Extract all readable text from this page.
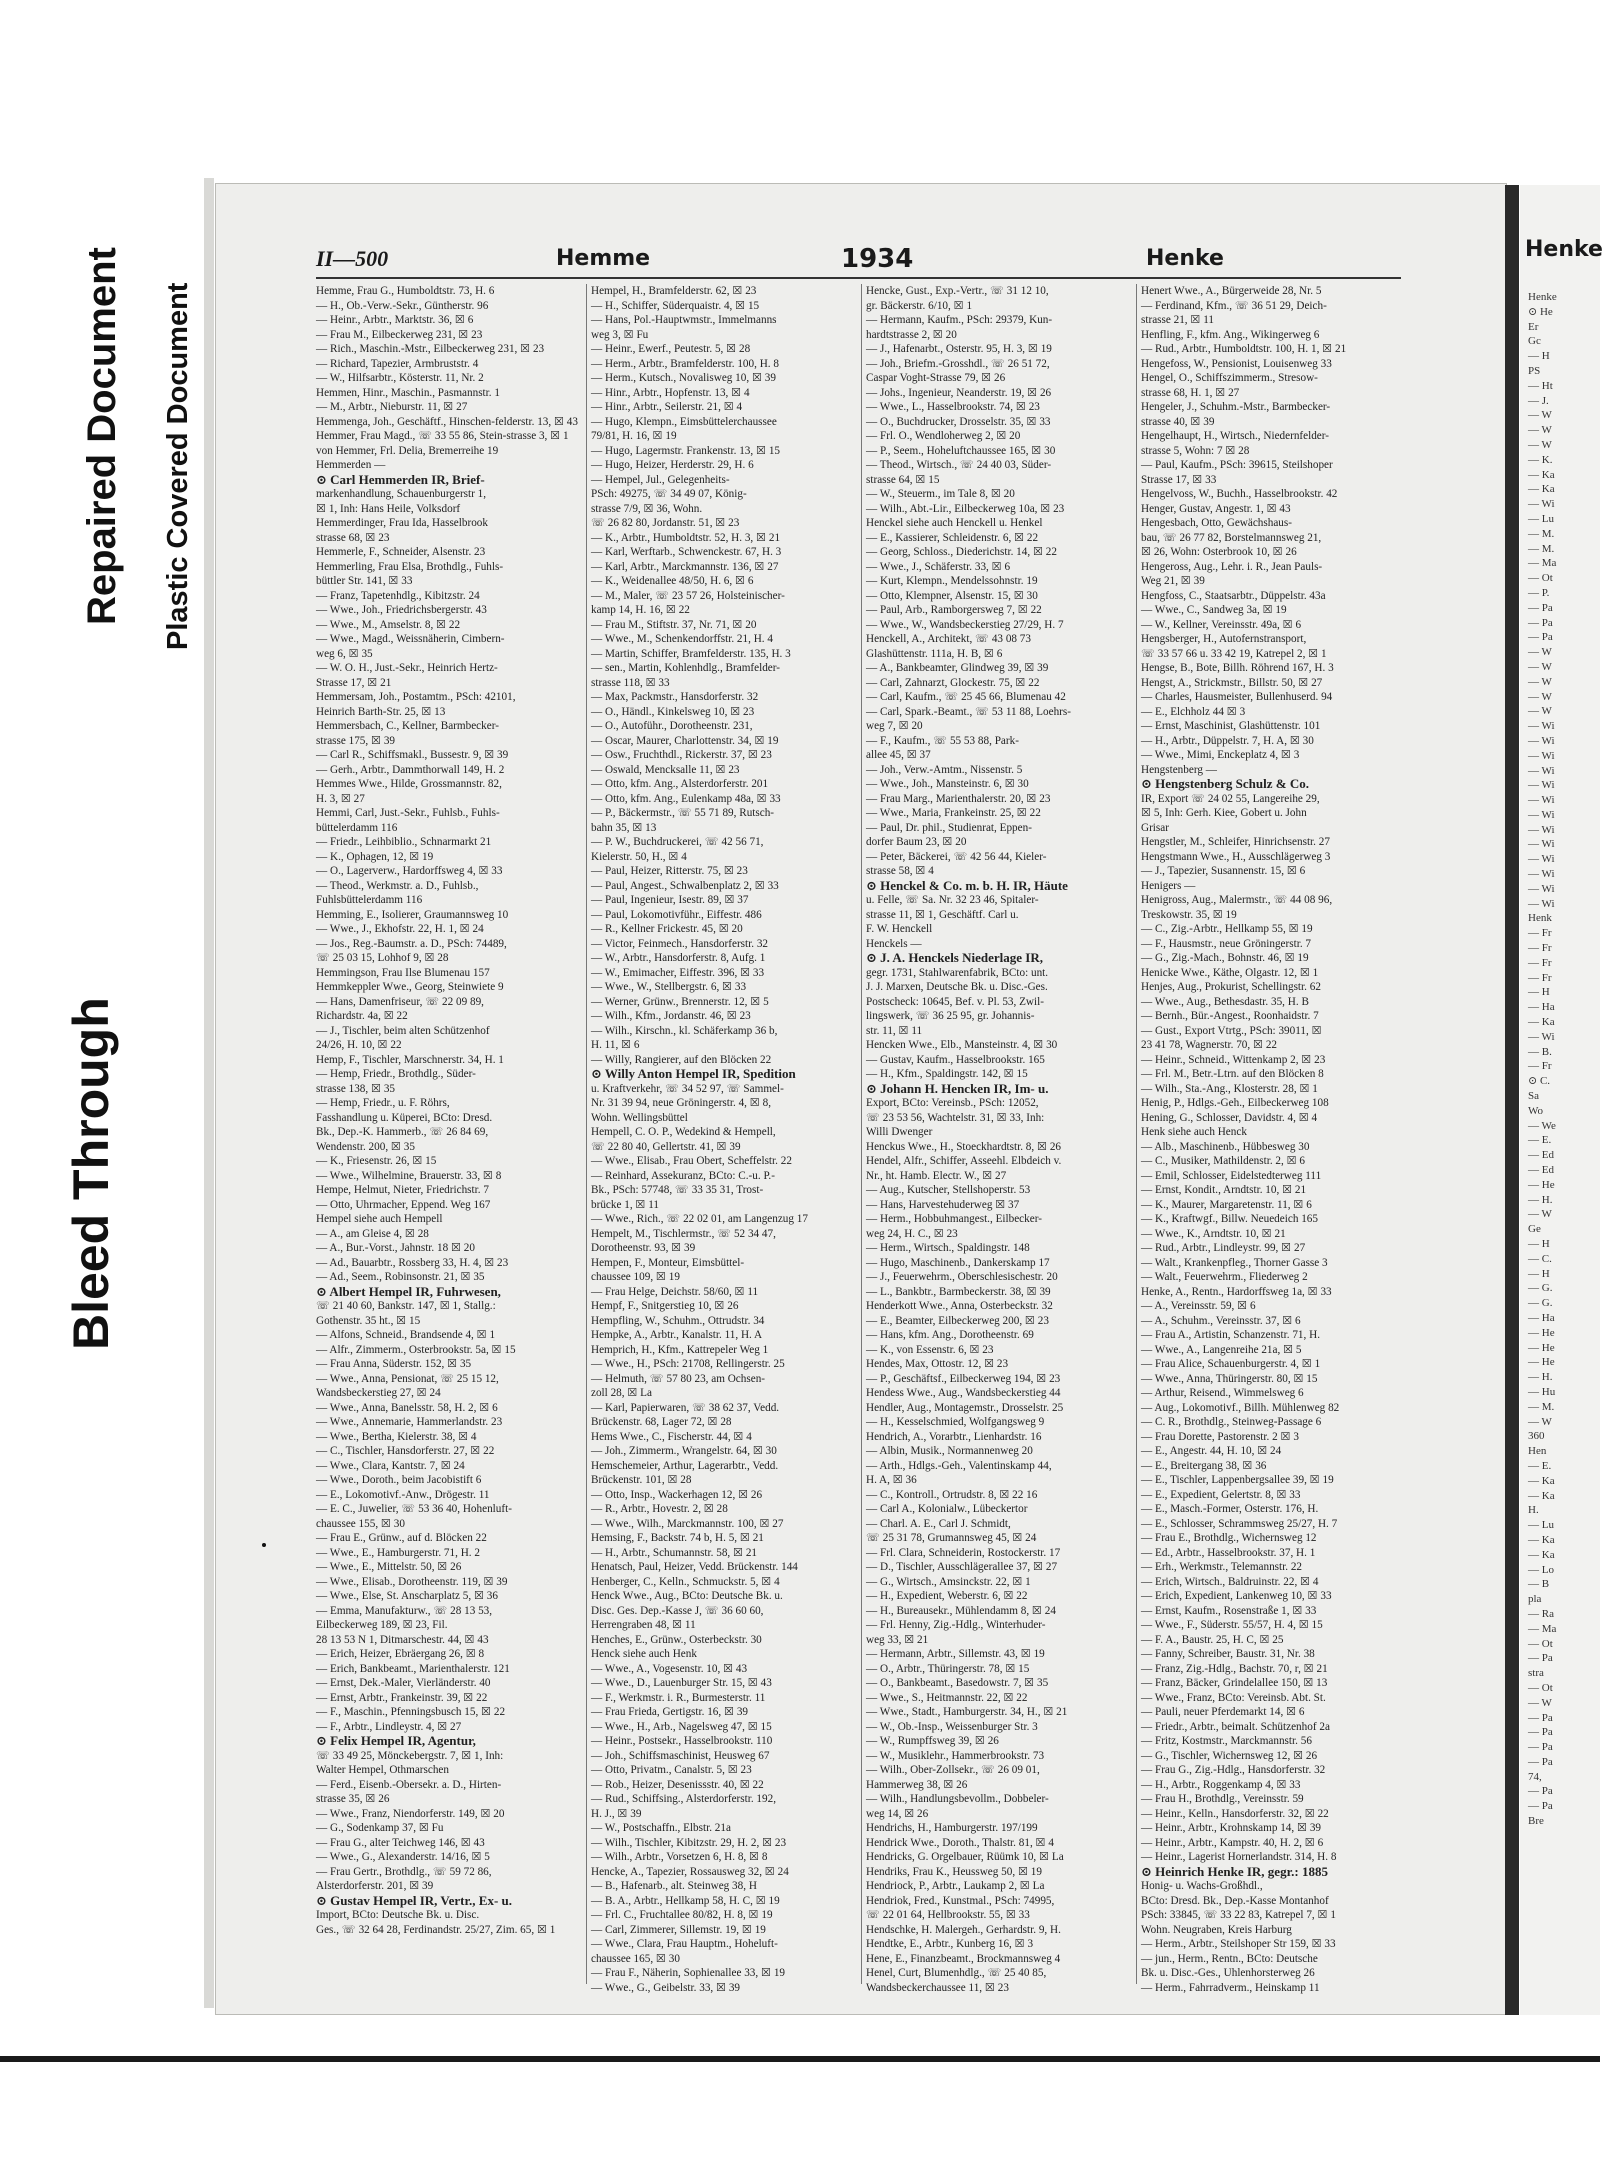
Bleed Through
Repaired Document Plastic Covered Document
II—500	Hemme	1934	Henke
Hemme, Frau G., Humboldtstr. 73, H. 6
— H., Ob.-Verw.-Sekr., Güntherstr. 96
— Heinr., Arbtr., Marktstr. 36, ☒ 6
— Frau M., Eilbeckerweg 231, ☒ 23
— Rich., Maschin.-Mstr., Eilbeckerweg 231, ☒ 23
— Richard, Tapezier, Armbruststr. 4
— W., Hilfsarbtr., Kösterstr. 11, Nr. 2
Hemmen, Hinr., Maschin., Pasmannstr. 1
— M., Arbtr., Nieburstr. 11, ☒ 27
Hemmenga, Joh., Geschäftf., Hinschen-felderstr. 13, ☒ 43
Hemmer, Frau Magd., ☏ 33 55 86, Stein-strasse 3, ☒ 1
von Hemmer, Frl. Delia, Bremerreihe 19
Hemmerden —
⊙ Carl Hemmerden IR, Brief-
markenhandlung, Schauenburgerstr 1,
☒ 1, Inh: Hans Heile, Volksdorf
Hemmerdinger, Frau Ida, Hasselbrook
strasse 68, ☒ 23
Hemmerle, F., Schneider, Alsenstr. 23
Hemmerling, Frau Elsa, Brothdlg., Fuhls-
büttler Str. 141, ☒ 33
— Franz, Tapetenhdlg., Kibitzstr. 24
— Wwe., Joh., Friedrichsbergerstr. 43
— Wwe., M., Amselstr. 8, ☒ 22
— Wwe., Magd., Weissnäherin, Cimbern-
weg 6, ☒ 35
— W. O. H., Just.-Sekr., Heinrich Hertz-
Strasse 17, ☒ 21
Hemmersam, Joh., Postamtm., PSch: 42101,
Heinrich Barth-Str. 25, ☒ 13
Hemmersbach, C., Kellner, Barmbecker-
strasse 175, ☒ 39
— Carl R., Schiffsmakl., Bussestr. 9, ☒ 39
— Gerh., Arbtr., Dammthorwall 149, H. 2
Hemmes Wwe., Hilde, Grossmannstr. 82,
H. 3, ☒ 27
Hemmi, Carl, Just.-Sekr., Fuhlsb., Fuhls-
büttelerdamm 116
— Friedr., Leihbiblio., Schnarmarkt 21
— K., Ophagen, 12, ☒ 19
— O., Lagerverw., Hardorffsweg 4, ☒ 33
— Theod., Werkmstr. a. D., Fuhlsb.,
Fuhlsbüttelerdamm 116
Hemming, E., Isolierer, Graumannsweg 10
— Wwe., J., Ekhofstr. 22, H. 1, ☒ 24
— Jos., Reg.-Baumstr. a. D., PSch: 74489,
☏ 25 03 15, Lohhof 9, ☒ 28
Hemmingson, Frau Ilse Blumenau 157
Hemmkeppler Wwe., Georg, Steinwiete 9
— Hans, Damenfriseur, ☏ 22 09 89,
Richardstr. 4a, ☒ 22
— J., Tischler, beim alten Schützenhof
24/26, H. 10, ☒ 22
Hemp, F., Tischler, Marschnerstr. 34, H. 1
— Hemp, Friedr., Brothdlg., Süder-
strasse 138, ☒ 35
— Hemp, Friedr., u. F. Röhrs,
Fasshandlung u. Küperei, BCto: Dresd.
Bk., Dep.-K. Hammerb., ☏ 26 84 69,
Wendenstr. 200, ☒ 35
— K., Friesenstr. 26, ☒ 15
— Wwe., Wilhelmine, Brauerstr. 33, ☒ 8
Hempe, Helmut, Nieter, Friedrichstr. 7
— Otto, Uhrmacher, Eppend. Weg 167
Hempel siehe auch Hempell
— A., am Gleise 4, ☒ 28
— A., Bur.-Vorst., Jahnstr. 18 ☒ 20
— Ad., Bauarbtr., Rossberg 33, H. 4, ☒ 23
— Ad., Seem., Robinsonstr. 21, ☒ 35
⊙ Albert Hempel IR, Fuhrwesen,
☏ 21 40 60, Bankstr. 147, ☒ 1, Stallg.:
Gothenstr. 35 ht., ☒ 15
— Alfons, Schneid., Brandsende 4, ☒ 1
— Alfr., Zimmerm., Osterbrookstr. 5a, ☒ 15
— Frau Anna, Süderstr. 152, ☒ 35
— Wwe., Anna, Pensionat, ☏ 25 15 12,
Wandsbeckerstieg 27, ☒ 24
— Wwe., Anna, Banelsstr. 58, H. 2, ☒ 6
— Wwe., Annemarie, Hammerlandstr. 23
— Wwe., Bertha, Kielerstr. 38, ☒ 4
— C., Tischler, Hansdorferstr. 27, ☒ 22
— Wwe., Clara, Kantstr. 7, ☒ 24
— Wwe., Doroth., beim Jacobistift 6
— E., Lokomotivf.-Anw., Drögestr. 11
— E. C., Juwelier, ☏ 53 36 40, Hohenluft-
chaussee 155, ☒ 30
— Frau E., Grünw., auf d. Blöcken 22
— Wwe., E., Hamburgerstr. 71, H. 2
— Wwe., E., Mittelstr. 50, ☒ 26
— Wwe., Elisab., Dorotheenstr. 119, ☒ 39
— Wwe., Else, St. Anscharplatz 5, ☒ 36
— Emma, Manufakturw., ☏ 28 13 53,
Eilbeckerweg 189, ☒ 23, Fil.
28 13 53 N 1, Ditmarschestr. 44, ☒ 43
— Erich, Heizer, Ebräergang 26, ☒ 8
— Erich, Bankbeamt., Marienthalerstr. 121
— Ernst, Dek.-Maler, Vierländerstr. 40
— Ernst, Arbtr., Frankeinstr. 39, ☒ 22
— F., Maschin., Pfenningsbusch 15, ☒ 22
— F., Arbtr., Lindleystr. 4, ☒ 27
⊙ Felix Hempel IR, Agentur,
☏ 33 49 25, Mönckebergstr. 7, ☒ 1, Inh:
Walter Hempel, Othmarschen
— Ferd., Eisenb.-Obersekr. a. D., Hirten-
strasse 35, ☒ 26
— Wwe., Franz, Niendorferstr. 149, ☒ 20
— G., Sodenkamp 37, ☒ Fu
— Frau G., alter Teichweg 146, ☒ 43
— Wwe., G., Alexanderstr. 14/16, ☒ 5
— Frau Gertr., Brothdlg., ☏ 59 72 86,
Alsterdorferstr. 201, ☒ 39
⊙ Gustav Hempel IR, Vertr., Ex- u.
Import, BCto: Deutsche Bk. u. Disc.
Ges., ☏ 32 64 28, Ferdinandstr. 25/27, Zim. 65, ☒ 1
Hempel, H., Bramfelderstr. 62, ☒ 23
— H., Schiffer, Süderquaistr. 4, ☒ 15
— Hans, Pol.-Hauptwmstr., Immelmanns
weg 3, ☒ Fu
— Heinr., Ewerf., Peutestr. 5, ☒ 28
— Herm., Arbtr., Bramfelderstr. 100, H. 8
— Herm., Kutsch., Novalisweg 10, ☒ 39
— Hinr., Arbtr., Hopfenstr. 13, ☒ 4
— Hinr., Arbtr., Seilerstr. 21, ☒ 4
— Hugo, Klempn., Eimsbüttelerchaussee
79/81, H. 16, ☒ 19
— Hugo, Lagermstr. Frankenstr. 13, ☒ 15
— Hugo, Heizer, Herderstr. 29, H. 6
— Hempel, Jul., Gelegenheits-
PSch: 49275, ☏ 34 49 07, König-
strasse 7/9, ☒ 36, Wohn.
☏ 26 82 80, Jordanstr. 51, ☒ 23
— K., Arbtr., Humboldtstr. 52, H. 3, ☒ 21
— Karl, Werftarb., Schwenckestr. 67, H. 3
— Karl, Arbtr., Marckmannstr. 136, ☒ 27
— K., Weidenallee 48/50, H. 6, ☒ 6
— M., Maler, ☏ 23 57 26, Holsteinischer-
kamp 14, H. 16, ☒ 22
— Frau M., Stiftstr. 37, Nr. 71, ☒ 20
— Wwe., M., Schenkendorffstr. 21, H. 4
— Martin, Schiffer, Bramfelderstr. 135, H. 3
— sen., Martin, Kohlenhdlg., Bramfelder-
strasse 118, ☒ 33
— Max, Packmstr., Hansdorferstr. 32
— O., Händl., Kinkelsweg 10, ☒ 23
— O., Autoführ., Dorotheenstr. 231,
— Oscar, Maurer, Charlottenstr. 34, ☒ 19
— Osw., Fruchthdl., Rickerstr. 37, ☒ 23
— Oswald, Mencksalle 11, ☒ 23
— Otto, kfm. Ang., Alsterdorferstr. 201
— Otto, kfm. Ang., Eulenkamp 48a, ☒ 33
— P., Bäckermstr., ☏ 55 71 89, Rutsch-
bahn 35, ☒ 13
— P. W., Buchdruckerei, ☏ 42 56 71,
Kielerstr. 50, H., ☒ 4
— Paul, Heizer, Ritterstr. 75, ☒ 23
— Paul, Angest., Schwalbenplatz 2, ☒ 33
— Paul, Ingenieur, Isestr. 89, ☒ 37
— Paul, Lokomotivführ., Eiffestr. 486
— R., Kellner Frickestr. 45, ☒ 20
— Victor, Feinmech., Hansdorferstr. 32
— W., Arbtr., Hansdorferstr. 8, Aufg. 1
— W., Emimacher, Eiffestr. 396, ☒ 33
— Wwe., W., Stellbergstr. 6, ☒ 33
— Werner, Grünw., Brennerstr. 12, ☒ 5
— Wilh., Kfm., Jordanstr. 46, ☒ 23
— Wilh., Kirschn., kl. Schäferkamp 36 b,
H. 11, ☒ 6
— Willy, Rangierer, auf den Blöcken 22
⊙ Willy Anton Hempel IR, Spedition
u. Kraftverkehr, ☏ 34 52 97, ☏ Sammel-
Nr. 31 39 94, neue Gröningerstr. 4, ☒ 8,
Wohn. Wellingsbüttel
Hempell, C. O. P., Wedekind & Hempell,
☏ 22 80 40, Gellertstr. 41, ☒ 39
— Wwe., Elisab., Frau Obert, Scheffelstr. 22
— Reinhard, Assekuranz, BCto: C.-u. P.-
Bk., PSch: 57748, ☏ 33 35 31, Trost-
brücke 1, ☒ 11
— Wwe., Rich., ☏ 22 02 01, am Langenzug 17
Hempelt, M., Tischlermstr., ☏ 52 34 47,
Dorotheenstr. 93, ☒ 39
Hempen, F., Monteur, Eimsbüttel-
chaussee 109, ☒ 19
— Frau Helge, Deichstr. 58/60, ☒ 11
Hempf, F., Snitgerstieg 10, ☒ 26
Hempfling, W., Schuhm., Ottrudstr. 34
Hempke, A., Arbtr., Kanalstr. 11, H. A
Hemprich, H., Kfm., Kattrepeler Weg 1
— Wwe., H., PSch: 21708, Rellingerstr. 25
— Helmuth, ☏ 57 80 23, am Ochsen-
zoll 28, ☒ La
— Karl, Papierwaren, ☏ 38 62 37, Vedd.
Brückenstr. 68, Lager 72, ☒ 28
Hems Wwe., C., Fischerstr. 44, ☒ 4
— Joh., Zimmerm., Wrangelstr. 64, ☒ 30
Hemschemeier, Arthur, Lagerarbtr., Vedd.
Brückenstr. 101, ☒ 28
— Otto, Insp., Wackerhagen 12, ☒ 26
— R., Arbtr., Hovestr. 2, ☒ 28
— Wwe., Wilh., Marckmannstr. 100, ☒ 27
Hemsing, F., Backstr. 74 b, H. 5, ☒ 21
— H., Arbtr., Schumannstr. 58, ☒ 21
Henatsch, Paul, Heizer, Vedd. Brückenstr. 144
Henberger, C., Kelln., Schmuckstr. 5, ☒ 4
Henck Wwe., Aug., BCto: Deutsche Bk. u.
Disc. Ges. Dep.-Kasse J, ☏ 36 60 60,
Herrengraben 48, ☒ 11
Henches, E., Grünw., Osterbeckstr. 30
Henck siehe auch Henk
— Wwe., A., Vogesenstr. 10, ☒ 43
— Wwe., D., Lauenburger Str. 15, ☒ 43
— F., Werkmstr. i. R., Burmesterstr. 11
— Frau Frieda, Gertigstr. 16, ☒ 39
— Wwe., H., Arb., Nagelsweg 47, ☒ 15
— Heinr., Postsekr., Hasselbrookstr. 110
— Joh., Schiffsmaschinist, Heusweg 67
— Otto, Privatm., Canalstr. 5, ☒ 23
— Rob., Heizer, Desenissstr. 40, ☒ 22
— Rud., Schiffsing., Alsterdorferstr. 192,
H. J., ☒ 39
— W., Postschaffn., Elbstr. 21a
— Wilh., Tischler, Kibitzstr. 29, H. 2, ☒ 23
— Wilh., Arbtr., Vorsetzen 6, H. 8, ☒ 8
Hencke, A., Tapezier, Rossausweg 32, ☒ 24
— B., Hafenarb., alt. Steinweg 38, H
— B. A., Arbtr., Hellkamp 58, H. C, ☒ 19
— Frl. C., Fruchtallee 80/82, H. 8, ☒ 19
— Carl, Zimmerer, Sillemstr. 19, ☒ 19
— Wwe., Clara, Frau Hauptm., Hoheluft-
chaussee 165, ☒ 30
— Frau F., Näherin, Sophienallee 33, ☒ 19
— Wwe., G., Geibelstr. 33, ☒ 39
Hencke, Gust., Exp.-Vertr., ☏ 31 12 10,
gr. Bäckerstr. 6/10, ☒ 1
— Hermann, Kaufm., PSch: 29379, Kun-
hardtstrasse 2, ☒ 20
— J., Hafenarbt., Osterstr. 95, H. 3, ☒ 19
— Joh., Briefm.-Grosshdl., ☏ 26 51 72,
Caspar Voght-Strasse 79, ☒ 26
— Johs., Ingenieur, Neanderstr. 19, ☒ 26
— Wwe., L., Hasselbrookstr. 74, ☒ 23
— O., Buchdrucker, Drosselstr. 35, ☒ 33
— Frl. O., Wendloherweg 2, ☒ 20
— P., Seem., Hoheluftchaussee 165, ☒ 30
— Theod., Wirtsch., ☏ 24 40 03, Süder-
strasse 64, ☒ 15
— W., Steuerm., im Tale 8, ☒ 20
— Wilh., Abt.-Lir., Eilbeckerweg 10a, ☒ 23
Henckel siehe auch Henckell u. Henkel
— E., Kassierer, Schleidenstr. 6, ☒ 22
— Georg, Schloss., Diederichstr. 14, ☒ 22
— Wwe., J., Schäferstr. 33, ☒ 6
— Kurt, Klempn., Mendelssohnstr. 19
— Otto, Klempner, Alsenstr. 15, ☒ 30
— Paul, Arb., Ramborgersweg 7, ☒ 22
— Wwe., W., Wandsbeckerstieg 27/29, H. 7
Henckell, A., Architekt, ☏ 43 08 73
Glashüttenstr. 111a, H. B, ☒ 6
— A., Bankbeamter, Glindweg 39, ☒ 39
— Carl, Zahnarzt, Glockestr. 75, ☒ 22
— Carl, Kaufm., ☏ 25 45 66, Blumenau 42
— Carl, Spark.-Beamt., ☏ 53 11 88, Loehrs-
weg 7, ☒ 20
— F., Kaufm., ☏ 55 53 88, Park-
allee 45, ☒ 37
— Joh., Verw.-Amtm., Nissenstr. 5
— Wwe., Joh., Mansteinstr. 6, ☒ 30
— Frau Marg., Marienthalerstr. 20, ☒ 23
— Wwe., Maria, Frankeinstr. 25, ☒ 22
— Paul, Dr. phil., Studienrat, Eppen-
dorfer Baum 23, ☒ 20
— Peter, Bäckerei, ☏ 42 56 44, Kieler-
strasse 58, ☒ 4
⊙ Henckel & Co. m. b. H. IR, Häute
u. Felle, ☏ Sa. Nr. 32 23 46, Spitaler-
strasse 11, ☒ 1, Geschäftf. Carl u.
F. W. Henckell
Henckels —
⊙ J. A. Henckels Niederlage IR,
gegr. 1731, Stahlwarenfabrik, BCto: unt.
J. J. Marxen, Deutsche Bk. u. Disc.-Ges.
Postscheck: 10645, Bef. v. Pl. 53, Zwil-
lingswerk, ☏ 36 25 95, gr. Johannis-
str. 11, ☒ 11
Hencken Wwe., Elb., Mansteinstr. 4, ☒ 30
— Gustav, Kaufm., Hasselbrookstr. 165
— H., Kfm., Spaldingstr. 142, ☒ 15
⊙ Johann H. Hencken IR, Im- u.
Export, BCto: Vereinsb., PSch: 12052,
☏ 23 53 56, Wachtelstr. 31, ☒ 33, Inh:
Willi Dwenger
Henckus Wwe., H., Stoeckhardtstr. 8, ☒ 26
Hendel, Alfr., Schiffer, Asseehl. Elbdeich v.
Nr., ht. Hamb. Electr. W., ☒ 27
— Aug., Kutscher, Stellshoperstr. 53
— Hans, Harvestehuderweg ☒ 37
— Herm., Hobbuhmangest., Eilbecker-
weg 24, H. C., ☒ 23
— Herm., Wirtsch., Spaldingstr. 148
— Hugo, Maschinenb., Dankerskamp 17
— J., Feuerwehrm., Oberschlesischestr. 20
— L., Bankbtr., Barmbeckerstr. 38, ☒ 39
Henderkott Wwe., Anna, Osterbeckstr. 32
— E., Beamter, Eilbeckerweg 200, ☒ 23
— Hans, kfm. Ang., Dorotheenstr. 69
— K., von Essenstr. 6, ☒ 23
Hendes, Max, Ottostr. 12, ☒ 23
— P., Geschäftsf., Eilbeckerweg 194, ☒ 23
Hendess Wwe., Aug., Wandsbeckerstieg 44
Hendler, Aug., Montagemstr., Drosselstr. 25
— H., Kesselschmied, Wolfgangsweg 9
Hendrich, A., Vorarbtr., Lienhardstr. 16
— Albin, Musik., Normannenweg 20
— Arth., Hdlgs.-Geh., Valentinskamp 44,
H. A, ☒ 36
— C., Kontroll., Ortrudstr. 8, ☒ 22 16
— Carl A., Kolonialw., Lübeckertor
— Charl. A. E., Carl J. Schmidt,
☏ 25 31 78, Grumannsweg 45, ☒ 24
— Frl. Clara, Schneiderin, Rostockerstr. 17
— D., Tischler, Ausschlägerallee 37, ☒ 27
— G., Wirtsch., Amsinckstr. 22, ☒ 1
— H., Expedient, Weberstr. 6, ☒ 22
— H., Bureausekr., Mühlendamm 8, ☒ 24
— Frl. Henny, Zig.-Hdlg., Winterhuder-
weg 33, ☒ 21
— Hermann, Arbtr., Sillemstr. 43, ☒ 19
— O., Arbtr., Thüringerstr. 78, ☒ 15
— O., Bankbeamt., Basedowstr. 7, ☒ 35
— Wwe., S., Heitmannstr. 22, ☒ 22
— Wwe., Stadt., Hamburgerstr. 34, H., ☒ 21
— W., Ob.-Insp., Weissenburger Str. 3
— W., Rumpffsweg 39, ☒ 26
— W., Musiklehr., Hammerbrookstr. 73
— Wilh., Ober-Zollsekr., ☏ 26 09 01,
Hammerweg 38, ☒ 26
— Wilh., Handlungsbevollm., Dobbeler-
weg 14, ☒ 26
Hendrichs, H., Hamburgerstr. 197/199
Hendrick Wwe., Doroth., Thalstr. 81, ☒ 4
Hendricks, G. Orgelbauer, Rüümk 10, ☒ La
Hendriks, Frau K., Heussweg 50, ☒ 19
Hendriock, P., Arbtr., Laukamp 2, ☒ La
Hendriok, Fred., Kunstmal., PSch: 74995,
☏ 22 01 64, Hellbrookstr. 55, ☒ 33
Hendschke, H. Malergeh., Gerhardstr. 9, H.
Hendtke, E., Arbtr., Kunberg 16, ☒ 3
Hene, E., Finanzbeamt., Brockmannsweg 4
Henel, Curt, Blumenhdlg., ☏ 25 40 85,
Wandsbeckerchaussee 11, ☒ 23
Henert Wwe., A., Bürgerweide 28, Nr. 5
— Ferdinand, Kfm., ☏ 36 51 29, Deich-
strasse 21, ☒ 11
Henfling, F., kfm. Ang., Wikingerweg 6
— Rud., Arbtr., Humboldtstr. 100, H. 1, ☒ 21
Hengefoss, W., Pensionist, Louisenweg 33
Hengel, O., Schiffszimmerm., Stresow-
strasse 68, H. 1, ☒ 27
Hengeler, J., Schuhm.-Mstr., Barmbecker-
strasse 40, ☒ 39
Hengelhaupt, H., Wirtsch., Niedernfelder-
strasse 5, Wohn: 7 ☒ 28
— Paul, Kaufm., PSch: 39615, Steilshoper
Strasse 17, ☒ 33
Hengelvoss, W., Buchh., Hasselbrookstr. 42
Henger, Gustav, Angestr. 1, ☒ 43
Hengesbach, Otto, Gewächshaus-
bau, ☏ 26 77 82, Borstelmannsweg 21,
☒ 26, Wohn: Osterbrook 10, ☒ 26
Hengeross, Aug., Lehr. i. R., Jean Pauls-
Weg 21, ☒ 39
Hengfoss, C., Staatsarbtr., Düppelstr. 43a
— Wwe., C., Sandweg 3a, ☒ 19
— W., Kellner, Vereinsstr. 49a, ☒ 6
Hengsberger, H., Autofernstransport,
☏ 33 57 66 u. 33 42 19, Katrepel 2, ☒ 1
Hengse, B., Bote, Billh. Röhrend 167, H. 3
Hengst, A., Strickmstr., Billstr. 50, ☒ 27
— Charles, Hausmeister, Bullenhuserd. 94
— E., Elchholz 44 ☒ 3
— Ernst, Maschinist, Glashüttenstr. 101
— H., Arbtr., Düppelstr. 7, H. A, ☒ 30
— Wwe., Mimi, Enckeplatz 4, ☒ 3
Hengstenberg —
⊙ Hengstenberg Schulz & Co.
IR, Export ☏ 24 02 55, Langereihe 29,
☒ 5, Inh: Gerh. Kiee, Gobert u. John
Grisar
Hengstler, M., Schleifer, Hinrichsenstr. 27
Hengstmann Wwe., H., Ausschlägerweg 3
— J., Tapezier, Susannenstr. 15, ☒ 6
Henigers —
Henigross, Aug., Malermstr., ☏ 44 08 96,
Treskowstr. 35, ☒ 19
— C., Zig.-Arbtr., Hellkamp 55, ☒ 19
— F., Hausmstr., neue Gröningerstr. 7
— G., Zig.-Mach., Bohnstr. 46, ☒ 19
Henicke Wwe., Käthe, Olgastr. 12, ☒ 1
Henjes, Aug., Prokurist, Schellingstr. 62
— Wwe., Aug., Bethesdastr. 35, H. B
— Bernh., Bür.-Angest., Roonhaidstr. 7
— Gust., Export Vtrtg., PSch: 39011, ☒
23 41 78, Wagnerstr. 70, ☒ 22
— Heinr., Schneid., Wittenkamp 2, ☒ 23
— Frl. M., Betr.-Ltrn. auf den Blöcken 8
— Wilh., Sta.-Ang., Klosterstr. 28, ☒ 1
Henig, P., Hdlgs.-Geh., Eilbeckerweg 108
Hening, G., Schlosser, Davidstr. 4, ☒ 4
Henk siehe auch Henck
— Alb., Maschinenb., Hübbesweg 30
— C., Musiker, Mathildenstr. 2, ☒ 6
— Emil, Schlosser, Eidelstedterweg 111
— Ernst, Kondit., Arndtstr. 10, ☒ 21
— K., Maurer, Margaretenstr. 11, ☒ 6
— K., Kraftwgf., Billw. Neuedeich 165
— Wwe., K., Arndtstr. 10, ☒ 21
— Rud., Arbtr., Lindleystr. 99, ☒ 27
— Walt., Krankenpfleg., Thorner Gasse 3
— Walt., Feuerwehrm., Fliederweg 2
Henke, A., Rentn., Hardorffsweg 1a, ☒ 33
— A., Vereinsstr. 59, ☒ 6
— A., Schuhm., Vereinsstr. 37, ☒ 6
— Frau A., Artistin, Schanzenstr. 71, H.
— Wwe., A., Langenreihe 21a, ☒ 5
— Frau Alice, Schauenburgerstr. 4, ☒ 1
— Wwe., Anna, Thüringerstr. 80, ☒ 15
— Arthur, Reisend., Wimmelsweg 6
— Aug., Lokomotivf., Billh. Mühlenweg 82
— C. R., Brothdlg., Steinweg-Passage 6
— Frau Dorette, Pastorenstr. 2 ☒ 3
— E., Angestr. 44, H. 10, ☒ 24
— E., Breitergang 38, ☒ 36
— E., Tischler, Lappenbergsallee 39, ☒ 19
— E., Expedient, Gelertstr. 8, ☒ 33
— E., Masch.-Former, Osterstr. 176, H.
— E., Schlosser, Schrammsweg 25/27, H. 7
— Frau E., Brothdlg., Wichernsweg 12
— Ed., Arbtr., Hasselbrookstr. 37, H. 1
— Erh., Werkmstr., Telemannstr. 22
— Erich, Wirtsch., Baldruinstr. 22, ☒ 4
— Erich, Expedient, Lankenweg 10, ☒ 33
— Ernst, Kaufm., Rosenstraße 1, ☒ 33
— Wwe., F., Süderstr. 55/57, H. 4, ☒ 15
— F. A., Baustr. 25, H. C, ☒ 25
— Fanny, Schreiber, Baustr. 31, Nr. 38
— Franz, Zig.-Hdlg., Bachstr. 70, r, ☒ 21
— Franz, Bäcker, Grindelallee 150, ☒ 13
— Wwe., Franz, BCto: Vereinsb. Abt. St.
— Pauli, neuer Pferdemarkt 14, ☒ 6
— Friedr., Arbtr., beimalt. Schützenhof 2a
— Fritz, Kostmstr., Marckmannstr. 56
— G., Tischler, Wichernsweg 12, ☒ 26
— Frau G., Zig.-Hdlg., Hansdorferstr. 32
— H., Arbtr., Roggenkamp 4, ☒ 33
— Frau H., Brothdlg., Vereinsstr. 59
— Heinr., Kelln., Hansdorferstr. 32, ☒ 22
— Heinr., Arbtr., Krohnskamp 14, ☒ 39
— Heinr., Arbtr., Kampstr. 40, H. 2, ☒ 6
— Heinr., Lagerist Hornerlandstr. 314, H. 8
⊙ Heinrich Henke IR, gegr.: 1885
Honig- u. Wachs-Großhdl.,
BCto: Dresd. Bk., Dep.-Kasse Montanhof
PSch: 33845, ☏ 33 22 83, Katrepel 7, ☒ 1
Wohn. Neugraben, Kreis Harburg
— Herm., Arbtr., Steilshoper Str 159, ☒ 33
— jun., Herm., Rentn., BCto: Deutsche
Bk. u. Disc.-Ges., Uhlenhorsterweg 26
— Herm., Fahrradverm., Heinskamp 11
Henke
Henke
⊙ He
Er
Gc
— H
PS
— Ht
— J.
— W
— W
— W
— K.
— Ka
— Ka
— Wi
— Lu
— M.
— M.
— Ma
— Ot
— P.
— Pa
— Pa
— Pa
— W
— W
— W
— W
— W
— Wi
— Wi
— Wi
— Wi
— Wi
— Wi
— Wi
— Wi
— Wi
— Wi
— Wi
— Wi
— Wi
Henk
— Fr
— Fr
— Fr
— Fr
— H
— Ha
— Ka
— Wi
— B.
— Fr
⊙ C.
Sa
Wo
— We
— E.
— Ed
— Ed
— He
— H.
— W
Ge
— H
— C.
— H
— G.
— G.
— Ha
— He
— He
— He
— H.
— Hu
— M.
— W
360
Hen
— E.
— Ka
— Ka
H.
— Lu
— Ka
— Ka
— Lo
— B
pla
— Ra
— Ma
— Ot
— Pa
stra
— Ot
— W
— Pa
— Pa
— Pa
— Pa
74,
— Pa
— Pa
Bre
